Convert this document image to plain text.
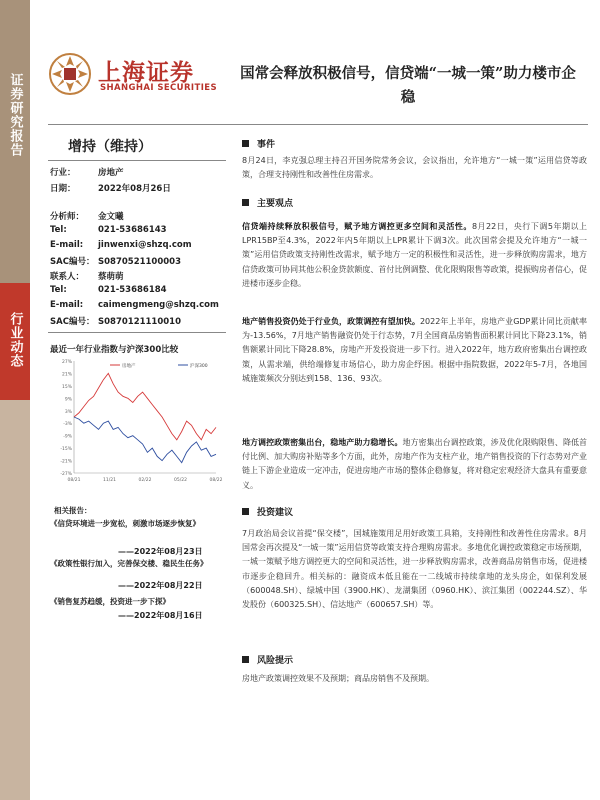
证券研究报告
行业动态
上海证券
SHANGHAI SECURITIES
国常会释放积极信号，信贷端“一城一策”助力楼市企稳
增持（维持）
行业：	房地产
日期：	2022年08月26日
分析师： 金文曦
Tel:	021-53686143
E-mail: jinwenxi@shzq.com
SAC编号： S0870521100003
联系人： 蔡萌萌
Tel:	021-53686184
E-mail: caimengmeng@shzq.com
SAC编号： S0870121110010
最近一年行业指数与沪深300比较
27%
21%
15%
9%
3%
-3%
-9%
-15%
-21%
-27%
08/21	11/21	02/22	05/22	08/22
房地产	沪深300
相关报告：
《信贷环境进一步宽松，刺激市场逐步恢复》
——2022年08月23日
《政策性银行加入，完善保交楼、稳民生任务》
——2022年08月22日
《销售复苏趋缓，投资进一步下探》
——2022年08月16日
事件
8月24日，李克强总理主持召开国务院常务会议，会议指出，允许地方“一城一策”运用信贷等政策，合理支持刚性和改善性住房需求。
主要观点
信贷端持续释放积极信号，赋予地方调控更多空间和灵活性。8月22日，央行下调5年期以上LPR15BP至4.3%，2022年内5年期以上LPR累计下调3次。此次国常会提及允许地方“一城一策”运用信贷政策支持刚性改需求，赋予地方一定的积极性和灵活性，进一步释放购房需求，地方信贷政策可协同其他公积金贷款额度、首付比例调整、优化限购限售等政策，提振购房者信心，促进楼市逐步企稳。
地产销售投资仍处于行业负，政策调控有望加快。2022年上半年，房地产业GDP累计同比贡献率为-13.56%，7月地产销售融资仍处于行态势，7月全国商品房销售面积累计同比下降23.1%，销售额累计同比下降28.8%，房地产开发投资进一步下行。进入2022年，地方政府密集出台调控政策，从需求端，供给端修复市场信心，助力房企纾困。根据中指院数据，2022年5-7月，各地国城施策频次分别达到158、136、93次。
地方调控政策密集出台，稳地产助力稳增长。地方密集出台调控政策，涉及优化限购限售、降低首付比例、加大购房补贴等多个方面，此外，房地产作为支柱产业，地产销售投资的下行态势对产业链上下游企业造成一定冲击，促进房地产市场的整体企稳修复，将对稳定宏观经济大盘具有重要意义。
投资建议
7月政治局会议首提“保交楼”，国城施策用足用好政策工具箱，支持刚性和改善性住房需求。8月国常会再次提及“一城一策”运用信贷等政策支持合理购房需求。多地优化调控政策稳定市场预期，一城一策赋予地方调控更大的空间和灵活性，进一步释放购房需求，改善商品房销售市场，促进楼市逐步企稳回升。相关标的：融资成本低且能在一二线城市持续拿地的龙头房企，如保利发展（600048.SH）、绿城中国（3900.HK）、龙湖集团（0960.HK）、滨江集团（002244.SZ）、华发股份（600325.SH）、信达地产（600657.SH）等。
风险提示
房地产政策调控效果不及预期；商品房销售不及预期。
